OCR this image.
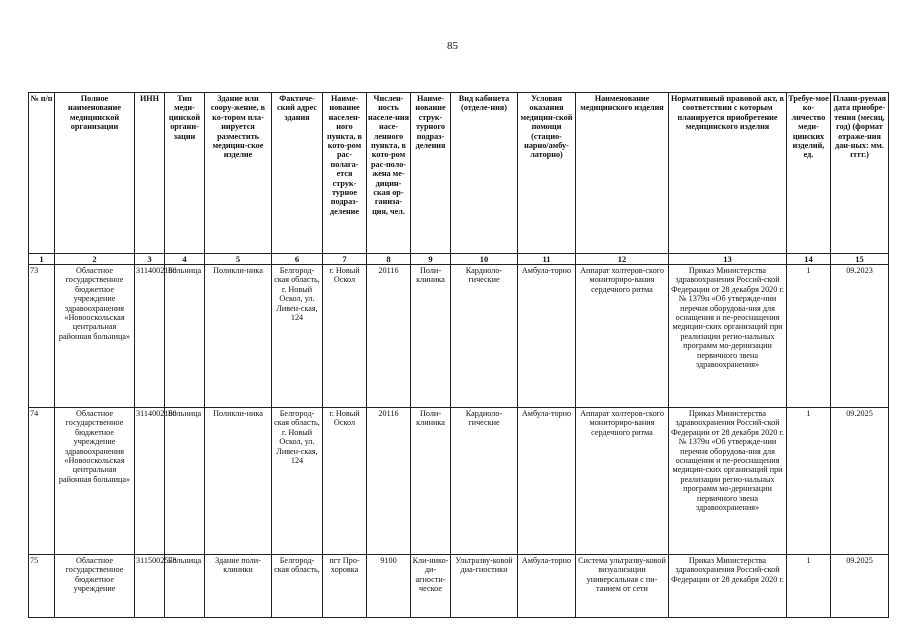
85
№ п/п	Полное наименование медицинской организации	ИНН	Тип меди-цинской органи-зации	Здание или соору-жение, в ко-тором пла-нируется разместить медицин-ское изделие	Фактиче-ский адрес здания	Наиме-нование населен-ного пункта, в кото-ром рас-полага-ется струк-турное подраз-деление	Числен-ность населе-ния насе-ленного пункта, в кото-ром рас-поло-жена ме-дицин-ская ор-ганиза-ция, чел.	Наиме-нование струк-турного подраз-деления	Вид кабинета (отделе-ния)	Условия оказания медицин-ской помощи (стацио-нарно/амбу-латорно)	Наименование медицинского изделия	Нормативный правовой акт, в соответствии с которым планируется приобретение медицинского изделия	Требуе-мое ко-личество меди-цинских изделий, ед.	Плани-руемая дата приобре-тения (месяц, год) (формат отраже-ния дан-ных: мм. гггг.)
1	2	3	4	5	6	7	8	9	10	11	12	13	14	15
73	Областное государственное бюджетное учреждение здравоохранения «Новооскольская центральная районная больница»	3114002180	Больница	Поликли-ника	Белгород-ская область, г. Новый Оскол, ул. Ливен-ская, 124	г. Новый Оскол	20116	Поли-клиника	Кардиоло-гические	Амбула-торно	Аппарат холтеров-ского мониториро-вания сердечного ритма	Приказ Министерства здравоохранения Россий-ской Федерации от 28 декабря 2020 г. № 1379н «Об утвержде-нии перечня оборудова-ния для оснащения и пе-реоснащения медицин-ских организаций при реализации регио-нальных программ мо-дернизации первичного звена здравоохранения»	1	09.2023
74	Областное государственное бюджетное учреждение здравоохранения «Новооскольская центральная районная больница»	3114002180	Больница	Поликли-ника	Белгород-ская область, г. Новый Оскол, ул. Ливен-ская, 124	г. Новый Оскол	20116	Поли-клиника	Кардиоло-гические	Амбула-торно	Аппарат холтеров-ского мониториро-вания сердечного ритма	Приказ Министерства здравоохранения Россий-ской Федерации от 28 декабря 2020 г. № 1379н «Об утвержде-нии перечня оборудова-ния для оснащения и пе-реоснащения медицин-ских организаций при реализации регио-нальных программ мо-дернизации первичного звена здравоохранения»	1	09.2025
75	Областное государственное бюджетное учреждение	3115002578	Больница	Здание поли-клиники	Белгород-ская область,	пгт Про-хоровка	9100	Кли-нико-ди-агности-ческое	Ультразву-ковой диа-гностики	Амбула-торно	Система ультразву-ковой визуализации универсальная с пи-танием от сети	Приказ Министерства здравоохранения Россий-ской Федерации от 28 декабря 2020 г.	1	09.2025
